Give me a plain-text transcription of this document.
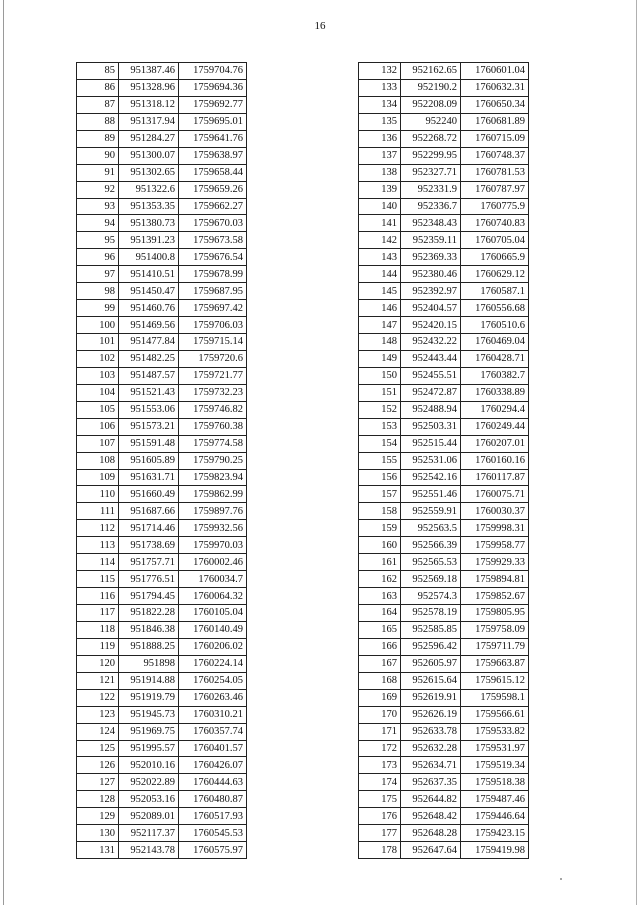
16
85	951387.46	1759704.76
86	951328.96	1759694.36
87	951318.12	1759692.77
88	951317.94	1759695.01
89	951284.27	1759641.76
90	951300.07	1759638.97
91	951302.65	1759658.44
92	951322.6	1759659.26
93	951353.35	1759662.27
94	951380.73	1759670.03
95	951391.23	1759673.58
96	951400.8	1759676.54
97	951410.51	1759678.99
98	951450.47	1759687.95
99	951460.76	1759697.42
100	951469.56	1759706.03
101	951477.84	1759715.14
102	951482.25	1759720.6
103	951487.57	1759721.77
104	951521.43	1759732.23
105	951553.06	1759746.82
106	951573.21	1759760.38
107	951591.48	1759774.58
108	951605.89	1759790.25
109	951631.71	1759823.94
110	951660.49	1759862.99
111	951687.66	1759897.76
112	951714.46	1759932.56
113	951738.69	1759970.03
114	951757.71	1760002.46
115	951776.51	1760034.7
116	951794.45	1760064.32
117	951822.28	1760105.04
118	951846.38	1760140.49
119	951888.25	1760206.02
120	951898	1760224.14
121	951914.88	1760254.05
122	951919.79	1760263.46
123	951945.73	1760310.21
124	951969.75	1760357.74
125	951995.57	1760401.57
126	952010.16	1760426.07
127	952022.89	1760444.63
128	952053.16	1760480.87
129	952089.01	1760517.93
130	952117.37	1760545.53
131	952143.78	1760575.97
132	952162.65	1760601.04
133	952190.2	1760632.31
134	952208.09	1760650.34
135	952240	1760681.89
136	952268.72	1760715.09
137	952299.95	1760748.37
138	952327.71	1760781.53
139	952331.9	1760787.97
140	952336.7	1760775.9
141	952348.43	1760740.83
142	952359.11	1760705.04
143	952369.33	1760665.9
144	952380.46	1760629.12
145	952392.97	1760587.1
146	952404.57	1760556.68
147	952420.15	1760510.6
148	952432.22	1760469.04
149	952443.44	1760428.71
150	952455.51	1760382.7
151	952472.87	1760338.89
152	952488.94	1760294.4
153	952503.31	1760249.44
154	952515.44	1760207.01
155	952531.06	1760160.16
156	952542.16	1760117.87
157	952551.46	1760075.71
158	952559.91	1760030.37
159	952563.5	1759998.31
160	952566.39	1759958.77
161	952565.53	1759929.33
162	952569.18	1759894.81
163	952574.3	1759852.67
164	952578.19	1759805.95
165	952585.85	1759758.09
166	952596.42	1759711.79
167	952605.97	1759663.87
168	952615.64	1759615.12
169	952619.91	1759598.1
170	952626.19	1759566.61
171	952633.78	1759533.82
172	952632.28	1759531.97
173	952634.71	1759519.34
174	952637.35	1759518.38
175	952644.82	1759487.46
176	952648.42	1759446.64
177	952648.28	1759423.15
178	952647.64	1759419.98
